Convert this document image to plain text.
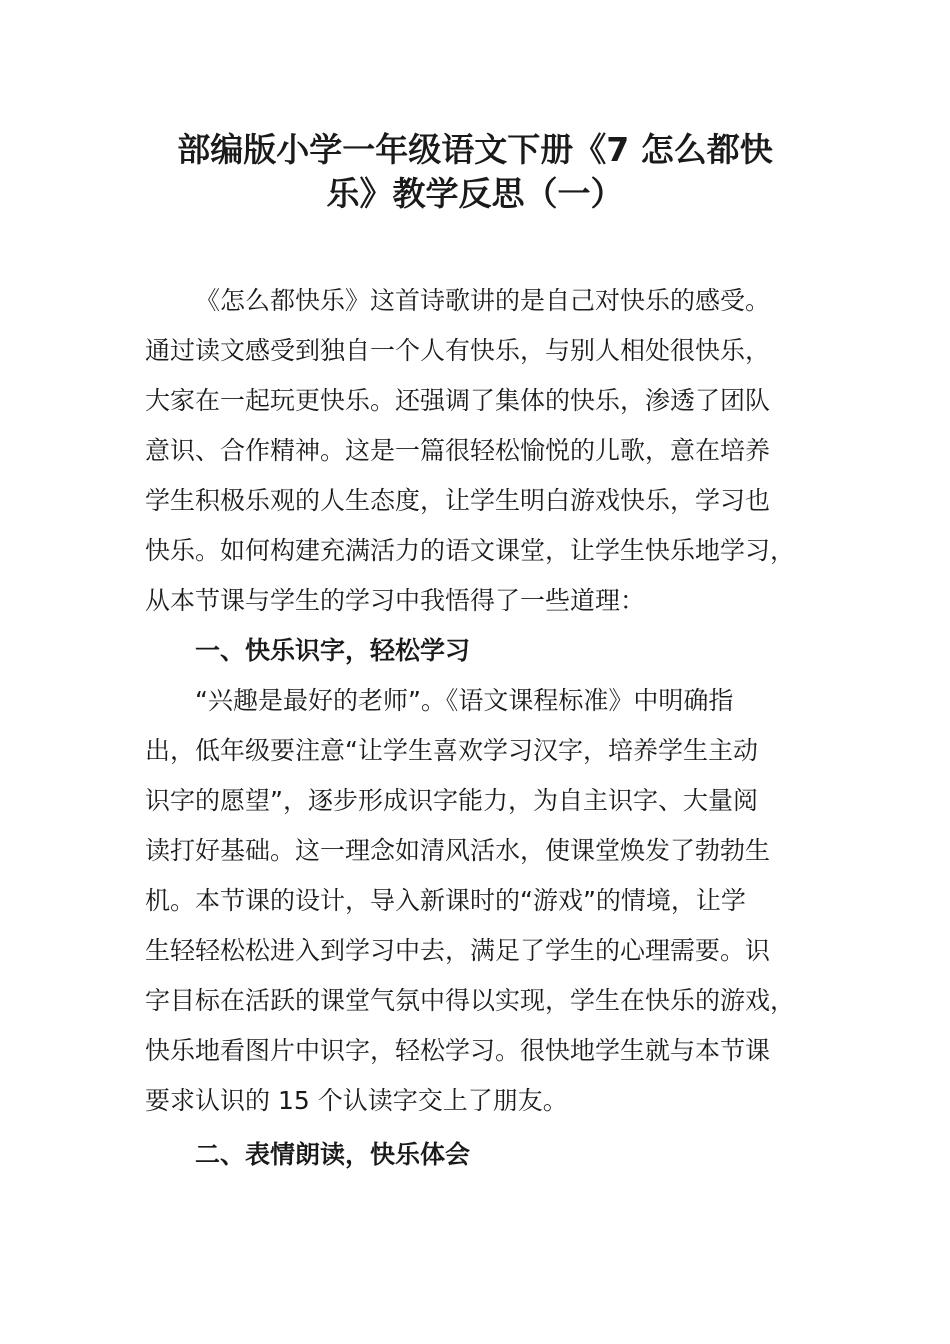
部编版小学一年级语文下册《7 怎么都快
乐》教学反思（一）
《怎么都快乐》这首诗歌讲的是自己对快乐的感受。
通过读文感受到独自一个人有快乐，与别人相处很快乐，
大家在一起玩更快乐。还强调了集体的快乐，渗透了团队
意识、合作精神。这是一篇很轻松愉悦的儿歌，意在培养
学生积极乐观的人生态度，让学生明白游戏快乐，学习也
快乐。如何构建充满活力的语文课堂，让学生快乐地学习，
从本节课与学生的学习中我悟得了一些道理：
一、快乐识字，轻松学习
“兴趣是最好的老师”。《语文课程标准》中明确指
出，低年级要注意“让学生喜欢学习汉字，培养学生主动
识字的愿望”，逐步形成识字能力，为自主识字、大量阅
读打好基础。这一理念如清风活水，使课堂焕发了勃勃生
机。本节课的设计，导入新课时的“游戏”的情境，让学
生轻轻松松进入到学习中去，满足了学生的心理需要。识
字目标在活跃的课堂气氛中得以实现，学生在快乐的游戏，
快乐地看图片中识字，轻松学习。很快地学生就与本节课
要求认识的 15 个认读字交上了朋友。
二、表情朗读，快乐体会
